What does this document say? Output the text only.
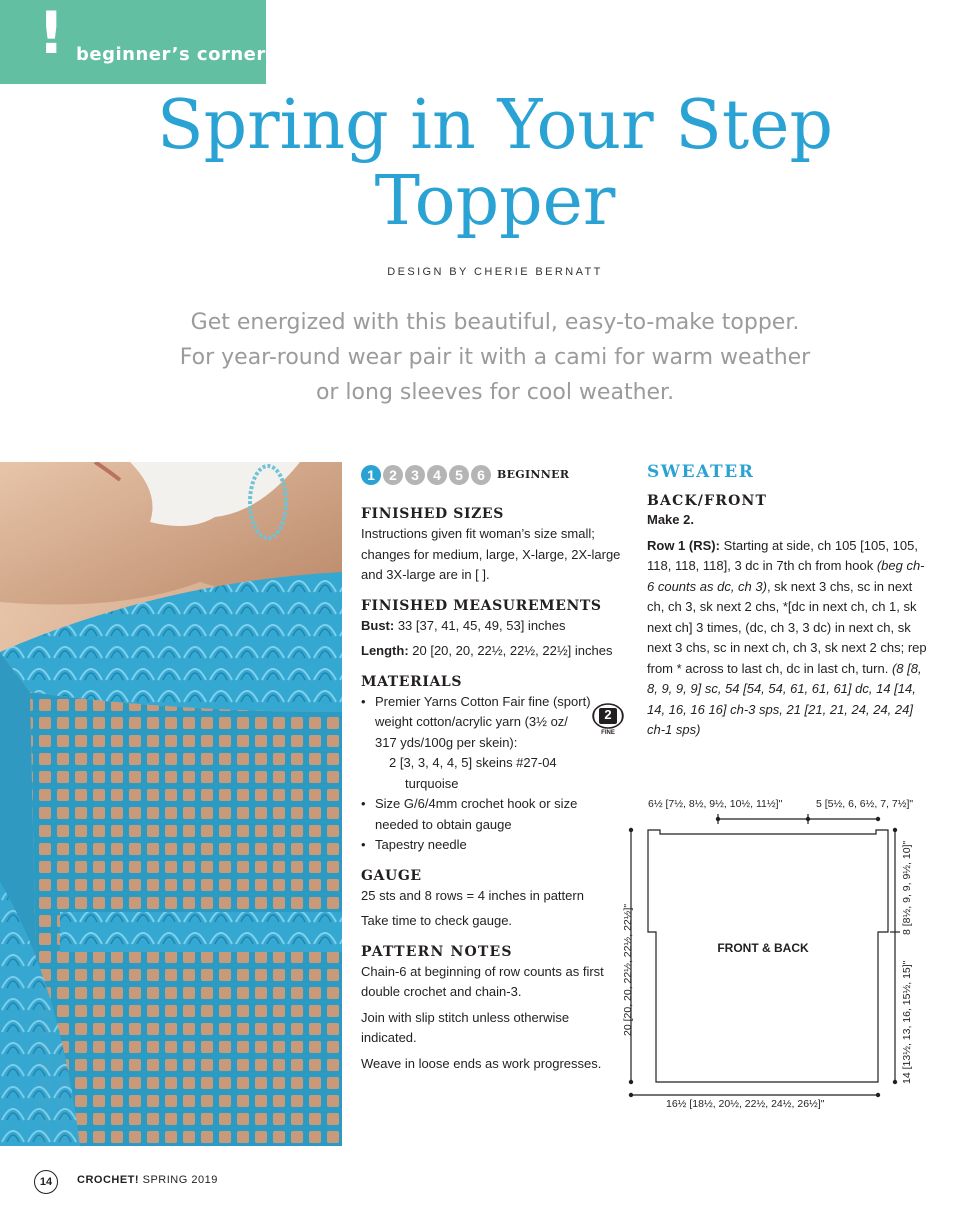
! beginner’s corner
Spring in Your Step
Topper
DESIGN BY CHERIE BERNATT

Get energized with this beautiful, easy-to-make topper.
For year-round wear pair it with a cami for warm weather
or long sleeves for cool weather.

1	2	3	4	5	6	BEGINNER
FINISHED SIZES

Instructions given fit woman’s size small; changes for medium, large, X-large, 2X-large and 3X-large are in [ ].

FINISHED MEASUREMENTS

Bust: 33 [37, 41, 45, 49, 53] inches

Length: 20 [20, 20, 22½, 22½, 22½] inches

MATERIALS
• Premier Yarns Cotton Fair fine (sport)
weight cotton/acrylic yarn (3½ oz/
317 yds/100g per skein):
2 [3, 3, 4, 4, 5] skeins #27-04
turquoise
• Size G/6/4mm crochet hook or size
needed to obtain gauge
• Tapestry needle
GAUGE

25 sts and 8 rows = 4 inches in pattern

Take time to check gauge.

PATTERN NOTES

Chain-6 at beginning of row counts as first double crochet and chain-3.

Join with slip stitch unless otherwise indicated.

Weave in loose ends as work progresses.

2
FINE
SWEATER
BACK/FRONT

Make 2.

Row 1 (RS): Starting at side, ch 105 [105, 105, 118, 118, 118], 3 dc in 7th ch from hook (beg ch-6 counts as dc, ch 3), sk next 3 chs, sc in next ch, ch 3, sk next 2 chs, *[dc in next ch, ch 1, sk next ch] 3 times, (dc, ch 3, 3 dc) in next ch, sk next 3 chs, sc in next ch, ch 3, sk next 2 chs; rep from * across to last ch, dc in last ch, turn. (8 [8, 8, 9, 9, 9] sc, 54 [54, 54, 61, 61, 61] dc, 14 [14, 14, 16, 16 16] ch-3 sps, 21 [21, 21, 24, 24, 24] ch-1 sps)

6½ [7½, 8½, 9½, 10½, 11½]"	5 [5½, 6, 6½, 7, 7½]"
FRONT & BACK
16½ [18½, 20½, 22½, 24½, 26½]"
20 [20, 20, 22½, 22½, 22½]"	14 [13½, 13, 16, 15½, 15]"
8 [8½, 9, 9, 9½, 10]"
14	CROCHET! SPRING 2019
